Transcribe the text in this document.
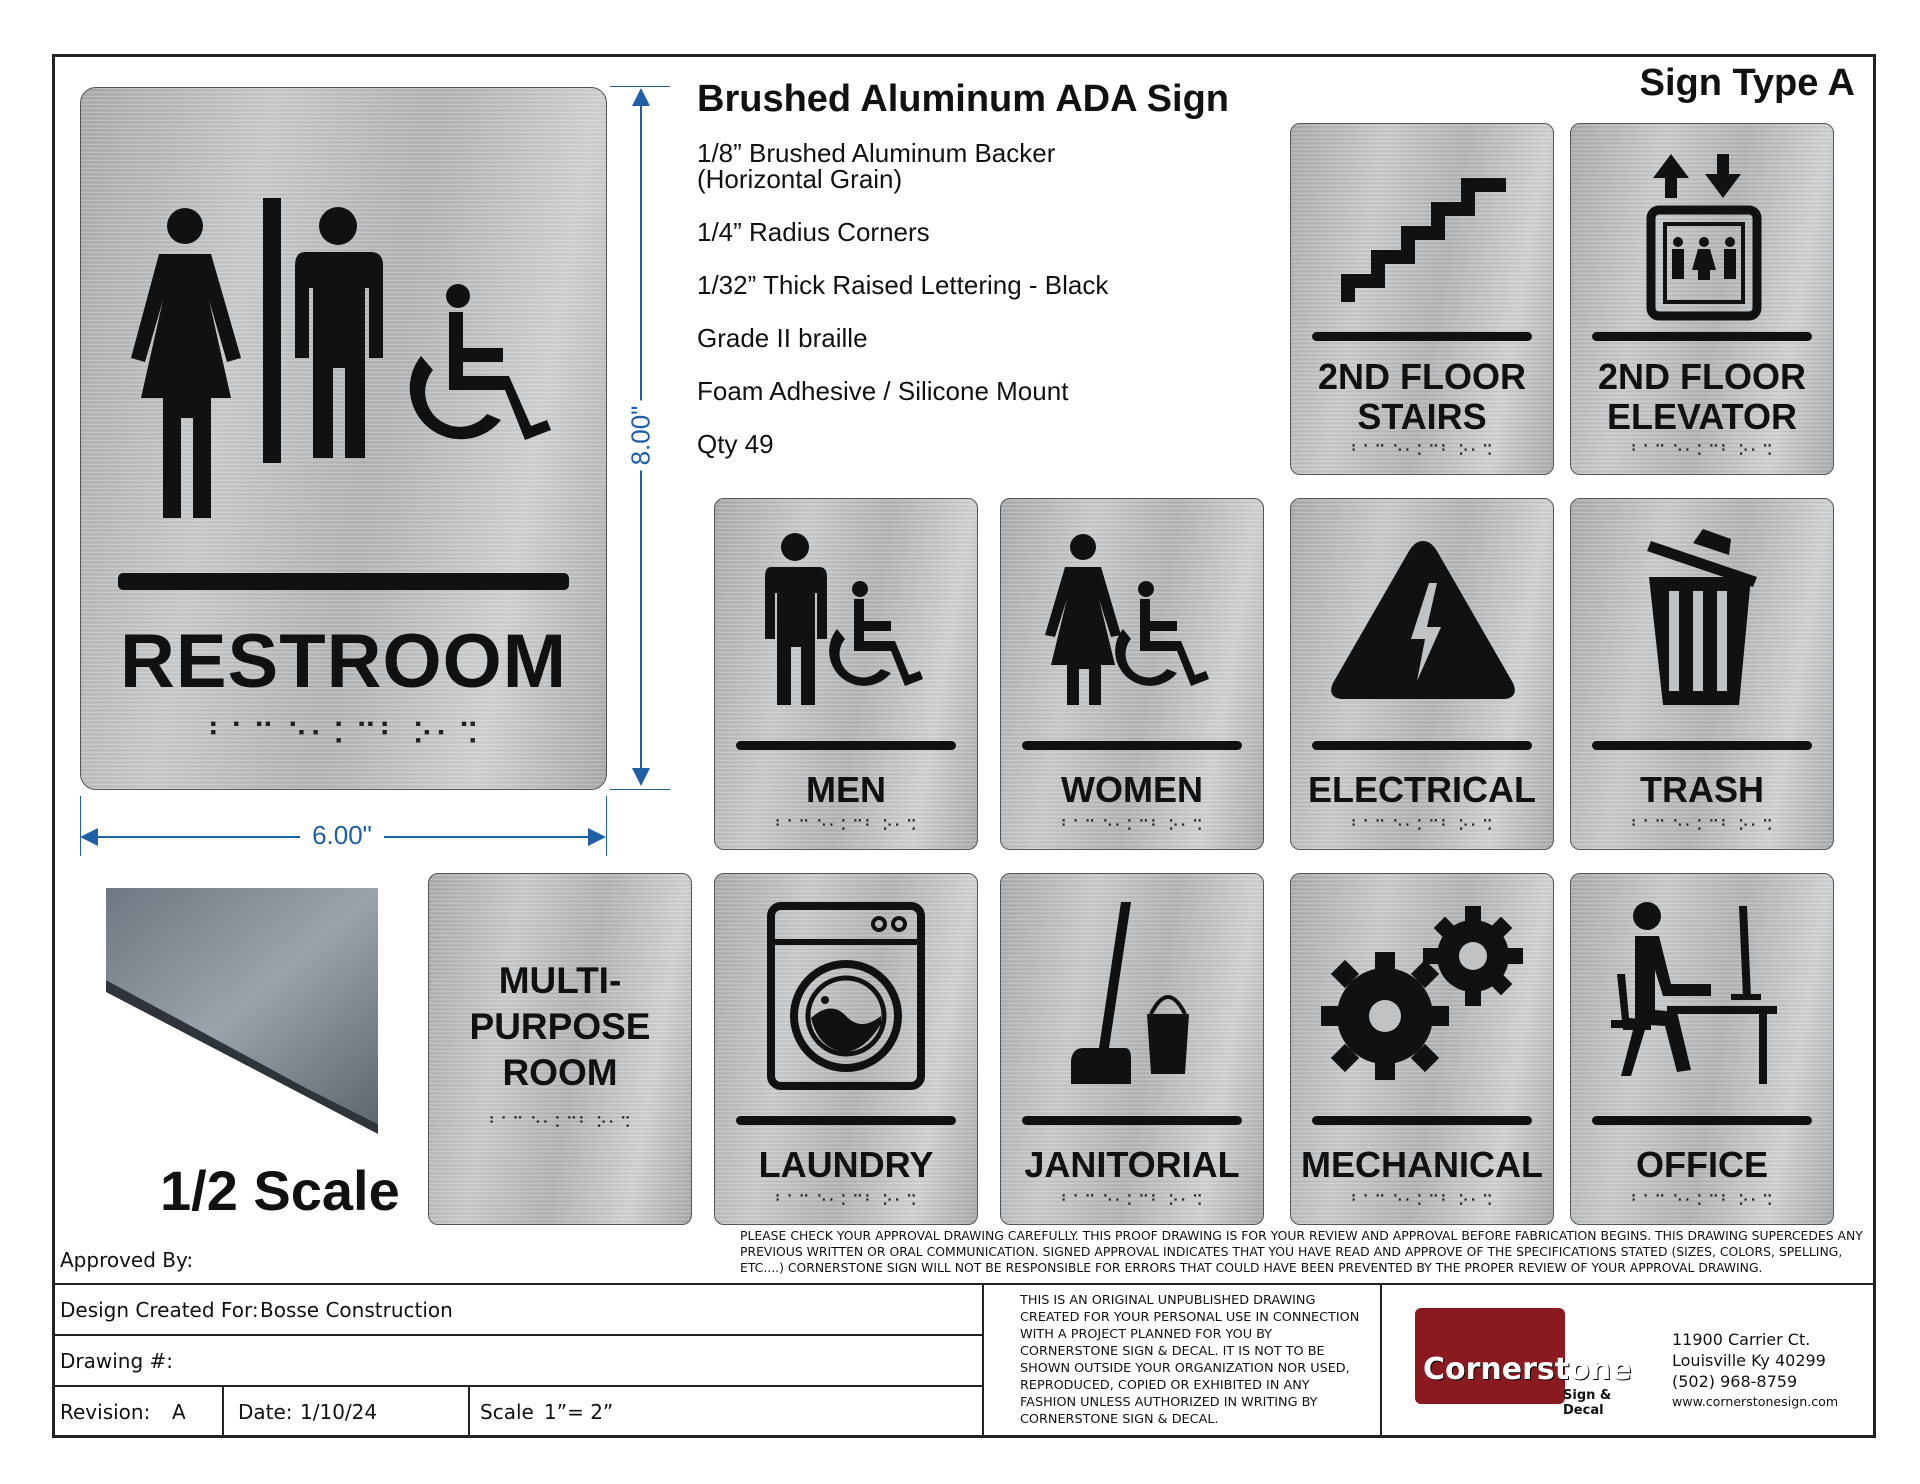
RESTROOM
⠃⠁⠉ ⠑⠂⠅⠉⠃ ⠕⠂⠩
8.00"
6.00"
Brushed Aluminum ADA Sign	Sign Type A
1/8” Brushed Aluminum Backer
(Horizontal Grain)
1/4” Radius Corners
1/32” Thick Raised Lettering - Black
Grade II braille
Foam Adhesive / Silicone Mount
Qty 49
2ND FLOOR
STAIRS
⠃⠁⠉ ⠑⠂⠅⠉⠃ ⠕⠂⠩
2ND FLOOR
ELEVATOR
⠃⠁⠉ ⠑⠂⠅⠉⠃ ⠕⠂⠩
MEN
⠃⠁⠉ ⠑⠂⠅⠉⠃ ⠕⠂⠩
WOMEN
⠃⠁⠉ ⠑⠂⠅⠉⠃ ⠕⠂⠩
ELECTRICAL
⠃⠁⠉ ⠑⠂⠅⠉⠃ ⠕⠂⠩
TRASH
⠃⠁⠉ ⠑⠂⠅⠉⠃ ⠕⠂⠩
1/2 Scale
MULTI-
PURPOSE
ROOM
⠃⠁⠉ ⠑⠂⠅⠉⠃ ⠕⠂⠩
LAUNDRY
⠃⠁⠉ ⠑⠂⠅⠉⠃ ⠕⠂⠩
JANITORIAL
⠃⠁⠉ ⠑⠂⠅⠉⠃ ⠕⠂⠩
MECHANICAL
⠃⠁⠉ ⠑⠂⠅⠉⠃ ⠕⠂⠩
OFFICE
⠃⠁⠉ ⠑⠂⠅⠉⠃ ⠕⠂⠩
Approved By:
PLEASE CHECK YOUR APPROVAL DRAWING CAREFULLY. THIS PROOF DRAWING IS FOR YOUR REVIEW AND APPROVAL BEFORE FABRICATION BEGINS. THIS DRAWING SUPERCEDES ANY PREVIOUS WRITTEN OR ORAL COMMUNICATION. SIGNED APPROVAL INDICATES THAT YOU HAVE READ AND APPROVE OF THE SPECIFICATIONS STATED (SIZES, COLORS, SPELLING, ETC....) CORNERSTONE SIGN WILL NOT BE RESPONSIBLE FOR ERRORS THAT COULD HAVE BEEN PREVENTED BY THE PROPER REVIEW OF YOUR APPROVAL DRAWING.
Design Created For: Bosse Construction
Drawing #:
Revision: A	Date: 1/10/24	Scale 1”= 2”
THIS IS AN ORIGINAL UNPUBLISHED DRAWING CREATED FOR YOUR PERSONAL USE IN CONNECTION WITH A PROJECT PLANNED FOR YOU BY CORNERSTONE SIGN & DECAL. IT IS NOT TO BE SHOWN OUTSIDE YOUR ORGANIZATION NOR USED, REPRODUCED, COPIED OR EXHIBITED IN ANY FASHION UNLESS AUTHORIZED IN WRITING BY CORNERSTONE SIGN & DECAL.
Cornerstone
Sign & Decal
11900 Carrier Ct.
Louisville Ky 40299
(502) 968-8759
www.cornerstonesign.com
